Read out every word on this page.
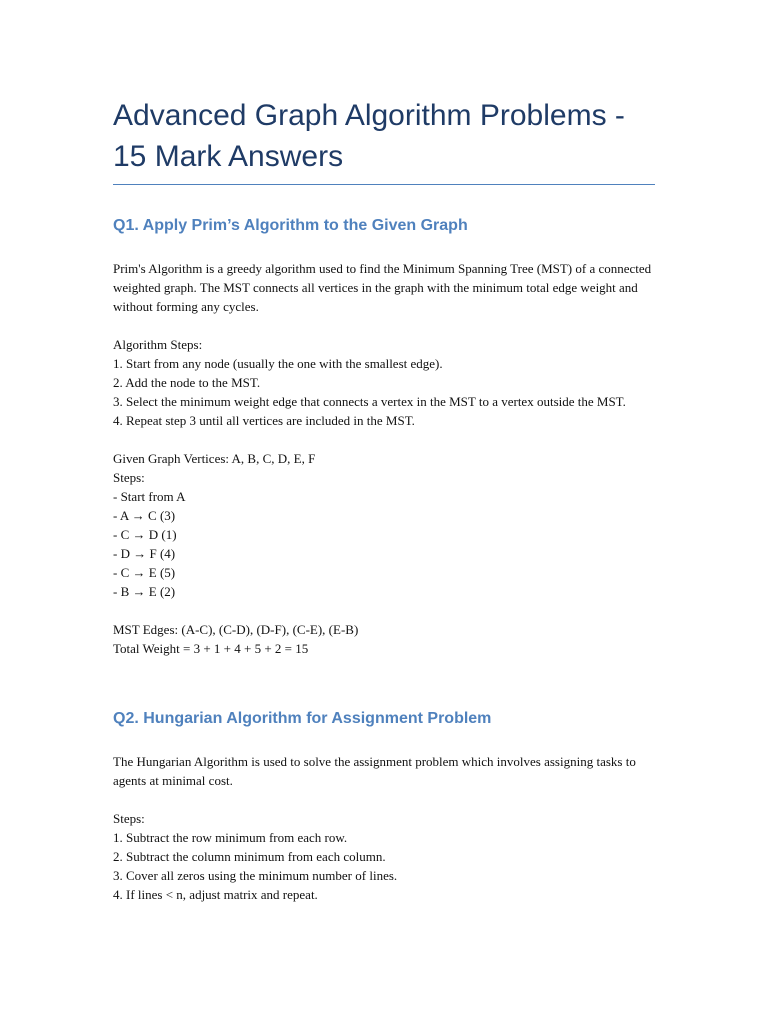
Advanced Graph Algorithm Problems - 15 Mark Answers
Q1. Apply Prim’s Algorithm to the Given Graph

Prim's Algorithm is a greedy algorithm used to find the Minimum Spanning Tree (MST) of a connected weighted graph. The MST connects all vertices in the graph with the minimum total edge weight and without forming any cycles.

Algorithm Steps:
1. Start from any node (usually the one with the smallest edge).
2. Add the node to the MST.
3. Select the minimum weight edge that connects a vertex in the MST to a vertex outside the MST.
4. Repeat step 3 until all vertices are included in the MST.
Given Graph Vertices: A, B, C, D, E, F
Steps:
- Start from A
- A → C (3)
- C → D (1)
- D → F (4)
- C → E (5)
- B → E (2)
MST Edges: (A-C), (C-D), (D-F), (C-E), (E-B)
Total Weight = 3 + 1 + 4 + 5 + 2 = 15
Q2. Hungarian Algorithm for Assignment Problem

The Hungarian Algorithm is used to solve the assignment problem which involves assigning tasks to agents at minimal cost.

Steps:
1. Subtract the row minimum from each row.
2. Subtract the column minimum from each column.
3. Cover all zeros using the minimum number of lines.
4. If lines < n, adjust matrix and repeat.
